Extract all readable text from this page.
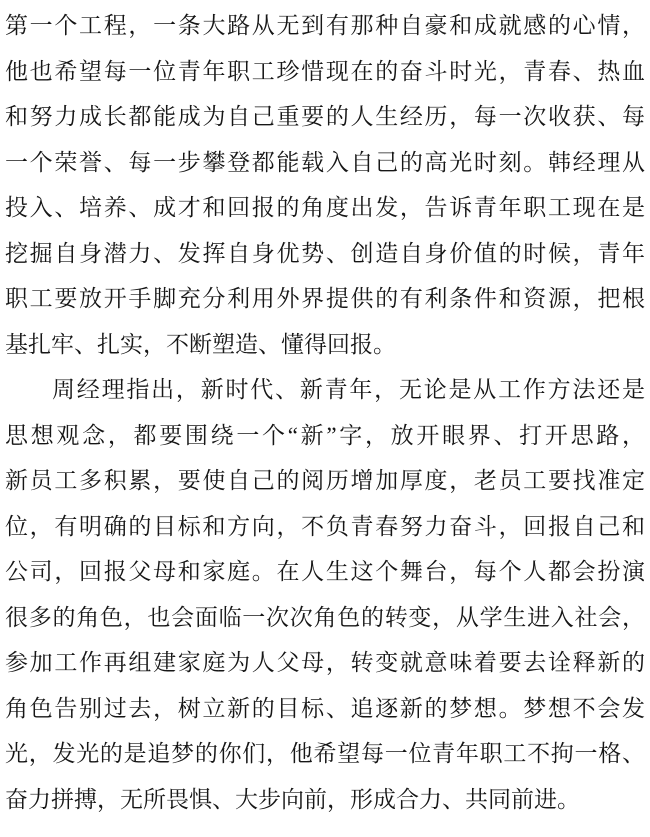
第一个工程，一条大路从无到有那种自豪和成就感的心情，
他也希望每一位青年职工珍惜现在的奋斗时光，青春、热血
和努力成长都能成为自己重要的人生经历，每一次收获、每
一个荣誉、每一步攀登都能载入自己的高光时刻。韩经理从
投入、培养、成才和回报的角度出发，告诉青年职工现在是
挖掘自身潜力、发挥自身优势、创造自身价值的时候，青年
职工要放开手脚充分利用外界提供的有利条件和资源，把根
基扎牢、扎实，不断塑造、懂得回报。
周经理指出，新时代、新青年，无论是从工作方法还是
思想观念，都要围绕一个“新”字，放开眼界、打开思路，
新员工多积累，要使自己的阅历增加厚度，老员工要找准定
位，有明确的目标和方向，不负青春努力奋斗，回报自己和
公司，回报父母和家庭。在人生这个舞台，每个人都会扮演
很多的角色，也会面临一次次角色的转变，从学生进入社会，
参加工作再组建家庭为人父母，转变就意味着要去诠释新的
角色告别过去，树立新的目标、追逐新的梦想。梦想不会发
光，发光的是追梦的你们，他希望每一位青年职工不拘一格、
奋力拼搏，无所畏惧、大步向前，形成合力、共同前进。
